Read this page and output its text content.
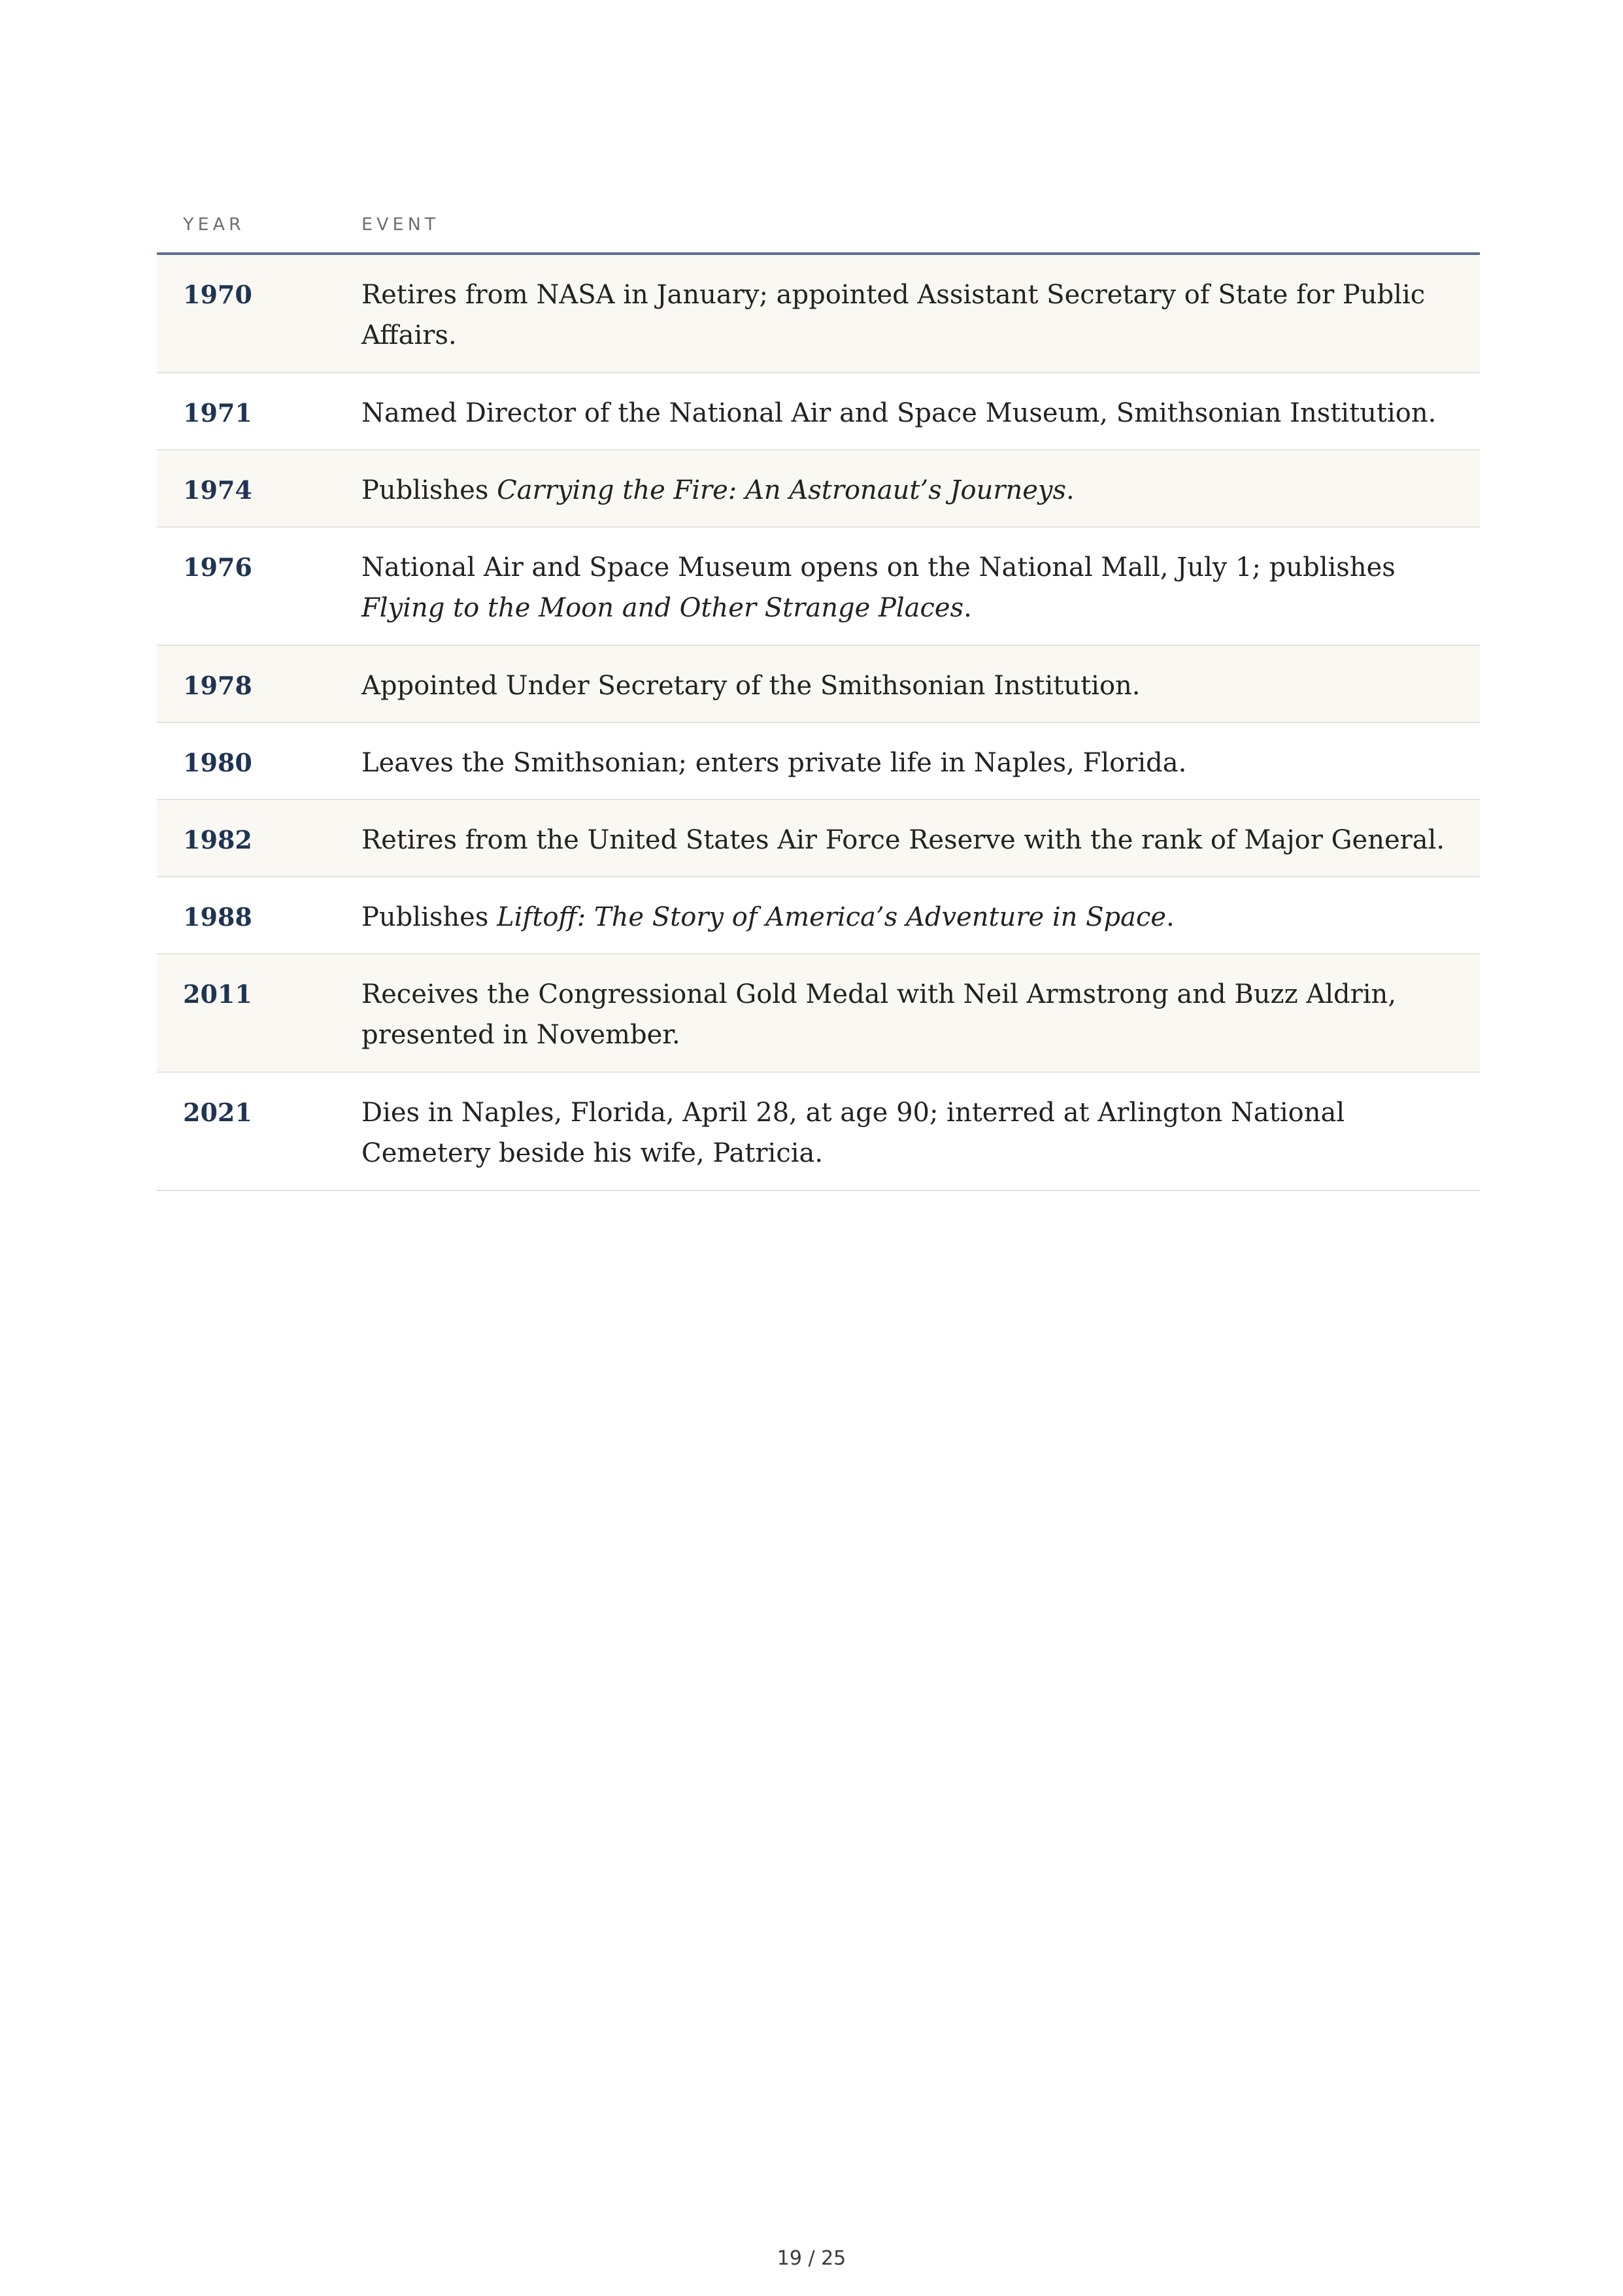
YEAR	EVENT
1970	Retires from NASA in January; appointed Assistant Secretary of State for Public Affairs.
1971	Named Director of the National Air and Space Museum, Smithsonian Institution.
1974	Publishes Carrying the Fire: An Astronaut’s Journeys.
1976	National Air and Space Museum opens on the National Mall, July 1; publishes Flying to the Moon and Other Strange Places.
1978	Appointed Under Secretary of the Smithsonian Institution.
1980	Leaves the Smithsonian; enters private life in Naples, Florida.
1982	Retires from the United States Air Force Reserve with the rank of Major General.
1988	Publishes Liftoff: The Story of America’s Adventure in Space.
2011	Receives the Congressional Gold Medal with Neil Armstrong and Buzz Aldrin, presented in November.
2021	Dies in Naples, Florida, April 28, at age 90; interred at Arlington National Cemetery beside his wife, Patricia.
19 / 25
